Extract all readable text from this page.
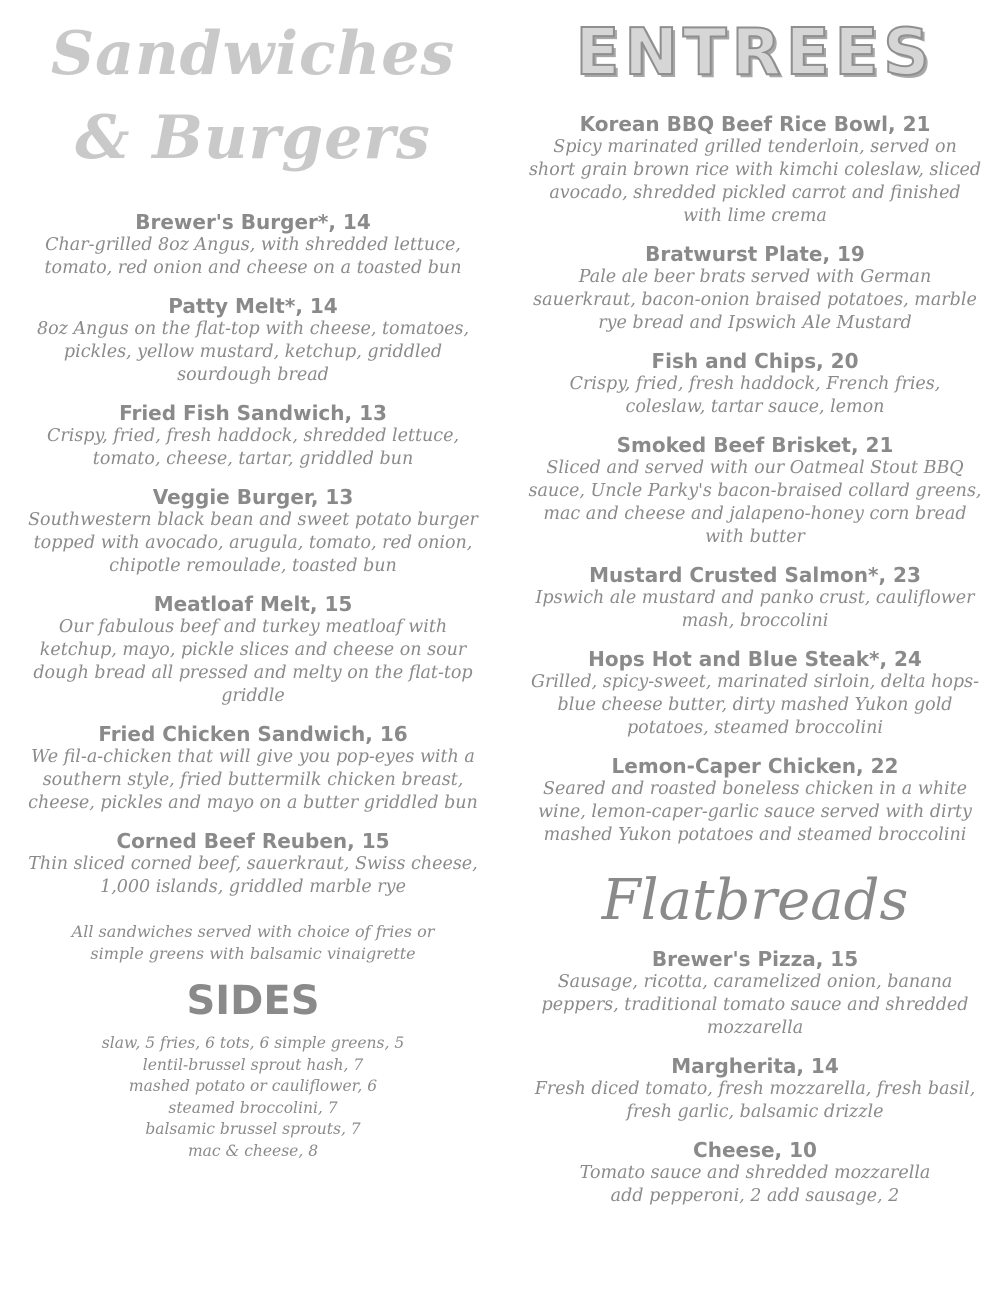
Sandwiches
& Burgers
Brewer's Burger*, 14
Char-grilled 8oz Angus, with shredded lettuce, tomato, red onion and cheese on a toasted bun
Patty Melt*, 14
8oz Angus on the flat-top with cheese, tomatoes, pickles, yellow mustard, ketchup, griddled sourdough bread
Fried Fish Sandwich, 13
Crispy, fried, fresh haddock, shredded lettuce, tomato, cheese, tartar, griddled bun
Veggie Burger, 13
Southwestern black bean and sweet potato burger topped with avocado, arugula, tomato, red onion, chipotle remoulade, toasted bun
Meatloaf Melt, 15
Our fabulous beef and turkey meatloaf with ketchup, mayo, pickle slices and cheese on sour dough bread all pressed and melty on the flat-top griddle
Fried Chicken Sandwich, 16
We fil-a-chicken that will give you pop-eyes with a southern style, fried buttermilk chicken breast, cheese, pickles and mayo on a butter griddled bun
Corned Beef Reuben, 15
Thin sliced corned beef, sauerkraut, Swiss cheese, 1,000 islands, griddled marble rye
All sandwiches served with choice of fries or simple greens with balsamic vinaigrette
SIDES
slaw, 5 fries, 6 tots, 6 simple greens, 5
lentil-brussel sprout hash, 7
mashed potato or cauliflower, 6
steamed broccolini, 7
balsamic brussel sprouts, 7
mac & cheese, 8
ENTREES
Korean BBQ Beef Rice Bowl, 21
Spicy marinated grilled tenderloin, served on short grain brown rice with kimchi coleslaw, sliced avocado, shredded pickled carrot and finished with lime crema
Bratwurst Plate, 19
Pale ale beer brats served with German sauerkraut, bacon-onion braised potatoes, marble rye bread and Ipswich Ale Mustard
Fish and Chips, 20
Crispy, fried, fresh haddock, French fries, coleslaw, tartar sauce, lemon
Smoked Beef Brisket, 21
Sliced and served with our Oatmeal Stout BBQ sauce, Uncle Parky's bacon-braised collard greens, mac and cheese and jalapeno-honey corn bread with butter
Mustard Crusted Salmon*, 23
Ipswich ale mustard and panko crust, cauliflower mash, broccolini
Hops Hot and Blue Steak*, 24
Grilled, spicy-sweet, marinated sirloin, delta hops-blue cheese butter, dirty mashed Yukon gold potatoes, steamed broccolini
Lemon-Caper Chicken, 22
Seared and roasted boneless chicken in a white wine, lemon-caper-garlic sauce served with dirty mashed Yukon potatoes and steamed broccolini
Flatbreads
Brewer's Pizza, 15
Sausage, ricotta, caramelized onion, banana peppers, traditional tomato sauce and shredded mozzarella
Margherita, 14
Fresh diced tomato, fresh mozzarella, fresh basil, fresh garlic, balsamic drizzle
Cheese, 10
Tomato sauce and shredded mozzarella
add pepperoni, 2 add sausage, 2
